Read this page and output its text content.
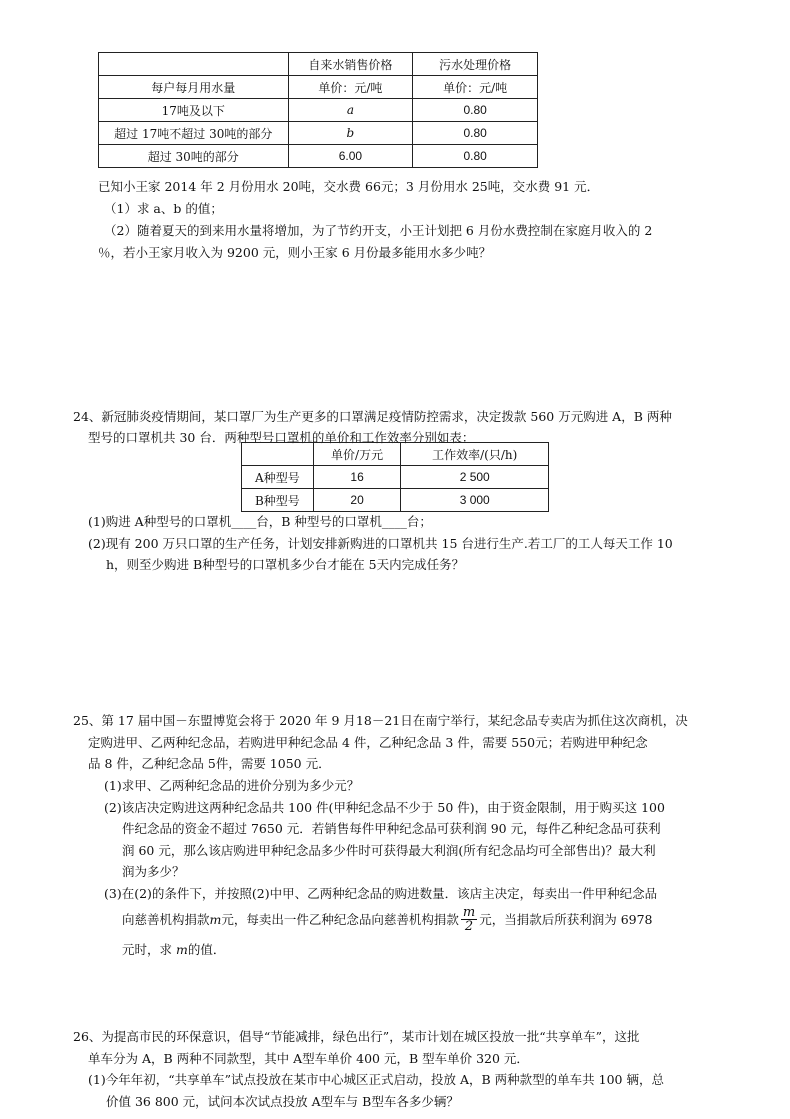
	自来水销售价格	污水处理价格
每户每月用水量	单价：元/吨	单价：元/吨
17吨及以下	a	0.80
超过 17吨不超过 30吨的部分	b	0.80
超过 30吨的部分	6.00	0.80
已知小王家 2014 年 2 月份用水 20吨，交水费 66元；3 月份用水 25吨，交水费 91 元．
（1）求 a、b 的值；
（2）随着夏天的到来用水量将增加，为了节约开支，小王计划把 6 月份水费控制在家庭月收入的 2
％，若小王家月收入为 9200 元，则小王家 6 月份最多能用水多少吨？
24、新冠肺炎疫情期间，某口罩厂为生产更多的口罩满足疫情防控需求，决定拨款 560 万元购进 A，B 两种
型号的口罩机共 30 台．两种型号口罩机的单价和工作效率分别如表：
	单价/万元	工作效率/(只/h)
A种型号	16	2 500
B种型号	20	3 000
(1)购进 A种型号的口罩机____台，B 种型号的口罩机____台；
(2)现有 200 万只口罩的生产任务，计划安排新购进的口罩机共 15 台进行生产.若工厂的工人每天工作 10
h，则至少购进 B种型号的口罩机多少台才能在 5天内完成任务？
25、第 17 届中国－东盟博览会将于 2020 年 9 月18－21日在南宁举行，某纪念品专卖店为抓住这次商机，决
定购进甲、乙两种纪念品，若购进甲种纪念品 4 件，乙种纪念品 3 件，需要 550元；若购进甲种纪念
品 8 件，乙种纪念品 5件，需要 1050 元．
(1)求甲、乙两种纪念品的进价分别为多少元？
(2)该店决定购进这两种纪念品共 100 件(甲种纪念品不少于 50 件)，由于资金限制，用于购买这 100
件纪念品的资金不超过 7650 元．若销售每件甲种纪念品可获利润 90 元，每件乙种纪念品可获利
润 60 元，那么该店购进甲种纪念品多少件时可获得最大利润(所有纪念品均可全部售出)？最大利
润为多少？
(3)在(2)的条件下，并按照(2)中甲、乙两种纪念品的购进数量．该店主决定，每卖出一件甲种纪念品
向慈善机构捐款 m 元，每卖出一件乙种纪念品向慈善机构捐款 $\frac{m}{2}$ 元，当捐款后所获利润为 6978
元时，求 m的值．
26、为提高市民的环保意识，倡导“节能减排，绿色出行”，某市计划在城区投放一批“共享单车”，这批
单车分为 A，B 两种不同款型，其中 A型车单价 400 元，B 型车单价 320 元．
(1)今年年初，“共享单车”试点投放在某市中心城区正式启动，投放 A，B 两种款型的单车共 100 辆，总
价值 36 800 元，试问本次试点投放 A型车与 B型车各多少辆？
